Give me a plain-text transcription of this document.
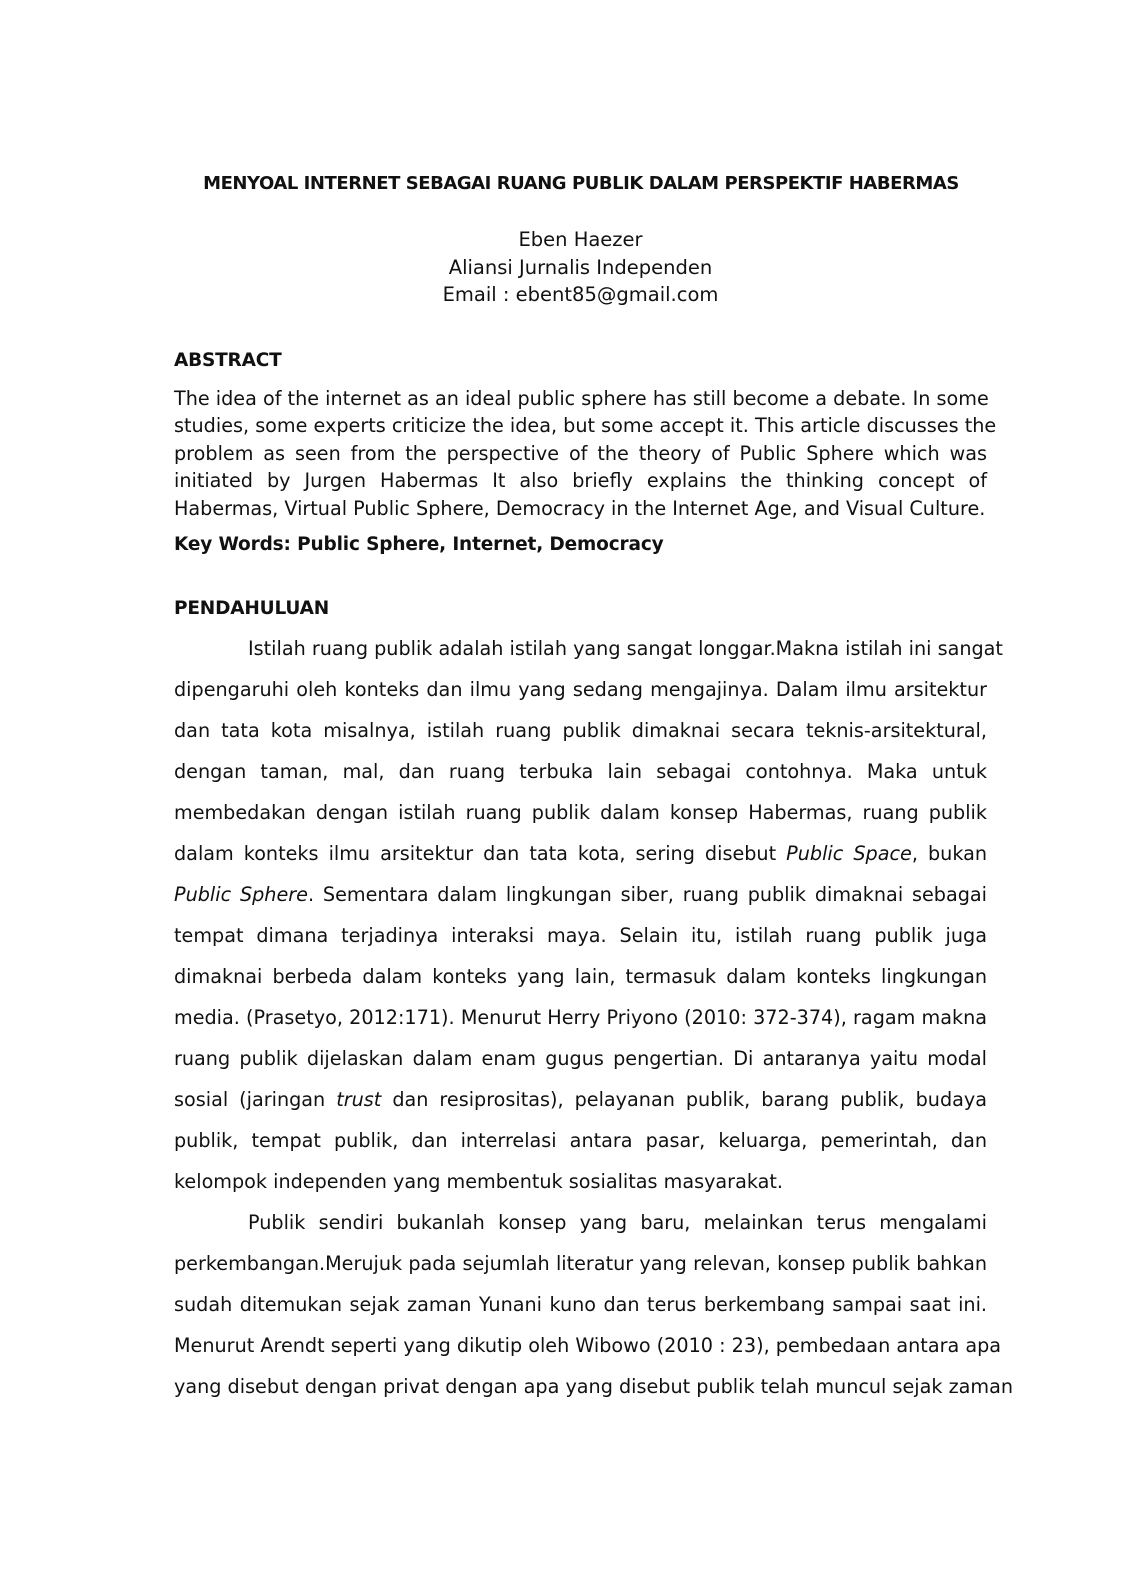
MENYOAL INTERNET SEBAGAI RUANG PUBLIK DALAM PERSPEKTIF HABERMAS
Eben Haezer
Aliansi Jurnalis Independen
Email : ebent85@gmail.com
ABSTRACT
The idea of the internet as an ideal public sphere has still become a debate. In some
studies, some experts criticize the idea, but some accept it. This article discusses the
problem as seen from the perspective of the theory of Public Sphere which was
initiated by Jurgen Habermas It also briefly explains the thinking concept of
Habermas, Virtual Public Sphere, Democracy in the Internet Age, and Visual Culture.
Key Words: Public Sphere, Internet, Democracy
PENDAHULUAN
Istilah ruang publik adalah istilah yang sangat longgar.Makna istilah ini sangat
dipengaruhi oleh konteks dan ilmu yang sedang mengajinya. Dalam ilmu arsitektur
dan tata kota misalnya, istilah ruang publik dimaknai secara teknis-arsitektural,
dengan taman, mal, dan ruang terbuka lain sebagai contohnya. Maka untuk
membedakan dengan istilah ruang publik dalam konsep Habermas, ruang publik
dalam konteks ilmu arsitektur dan tata kota, sering disebut Public Space, bukan
Public Sphere. Sementara dalam lingkungan siber, ruang publik dimaknai sebagai
tempat dimana terjadinya interaksi maya. Selain itu, istilah ruang publik juga
dimaknai berbeda dalam konteks yang lain, termasuk dalam konteks lingkungan
media. (Prasetyo, 2012:171). Menurut Herry Priyono (2010: 372-374), ragam makna
ruang publik dijelaskan dalam enam gugus pengertian. Di antaranya yaitu modal
sosial (jaringan trust dan resiprositas), pelayanan publik, barang publik, budaya
publik, tempat publik, dan interrelasi antara pasar, keluarga, pemerintah, dan
kelompok independen yang membentuk sosialitas masyarakat.
Publik sendiri bukanlah konsep yang baru, melainkan terus mengalami
perkembangan.Merujuk pada sejumlah literatur yang relevan, konsep publik bahkan
sudah ditemukan sejak zaman Yunani kuno dan terus berkembang sampai saat ini.
Menurut Arendt seperti yang dikutip oleh Wibowo (2010 : 23), pembedaan antara apa
yang disebut dengan privat dengan apa yang disebut publik telah muncul sejak zaman
